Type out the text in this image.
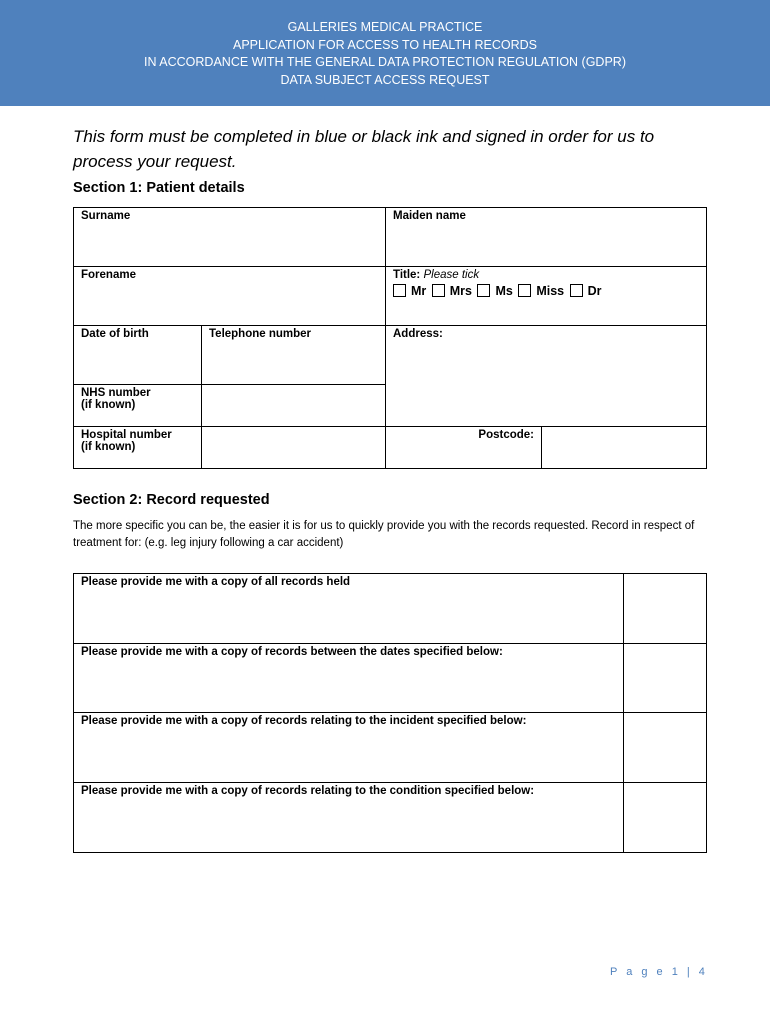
GALLERIES MEDICAL PRACTICE
APPLICATION FOR ACCESS TO HEALTH RECORDS
IN ACCORDANCE WITH THE GENERAL DATA PROTECTION REGULATION (GDPR)
DATA SUBJECT ACCESS REQUEST
This form must be completed in blue or black ink and signed in order for us to process your request.
Section 1: Patient details
Surname		Maiden name	
Forename		Title: Please tick
Mr Mrs Ms Miss Dr	

Date of birth	Telephone number	Address:	

NHS number
(if known)			

Hospital number
(if known)		Postcode:	
Section 2: Record requested
The more specific you can be, the easier it is for us to quickly provide you with the records requested. Record in respect of treatment for: (e.g. leg injury following a car accident)
Please provide me with a copy of all records held	
Please provide me with a copy of records between the dates specified below:	
Please provide me with a copy of records relating to the incident specified below:	
Please provide me with a copy of records relating to the condition specified below:	
P a g e 1 | 4
